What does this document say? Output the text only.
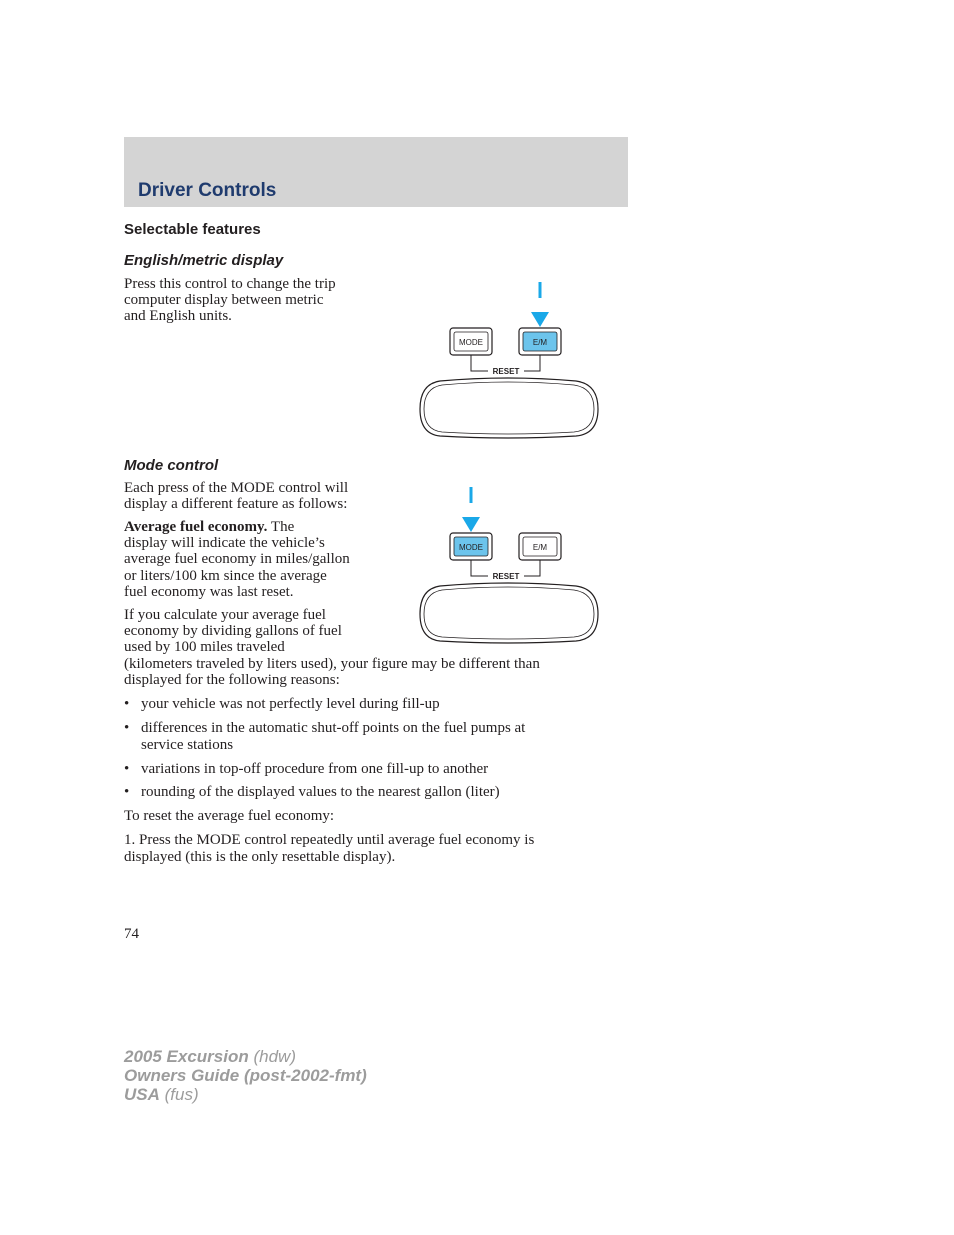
Driver Controls
Selectable features
English/metric display

Press this control to change the trip
computer display between metric
and English units.

MODE	E/M
RESET
Mode control

Each press of the MODE control will
display a different feature as follows:

Average fuel economy. The
display will indicate the vehicle’s
average fuel economy in miles/gallon
or liters/100 km since the average
fuel economy was last reset.

If you calculate your average fuel
economy by dividing gallons of fuel
used by 100 miles traveled
(kilometers traveled by liters used), your figure may be different than
displayed for the following reasons:

MODE	E/M
RESET
• your vehicle was not perfectly level during fill-up
• differences in the automatic shut-off points on the fuel pumps at
service stations
• variations in top-off procedure from one fill-up to another
• rounding of the displayed values to the nearest gallon (liter)

To reset the average fuel economy:

1. Press the MODE control repeatedly until average fuel economy is
displayed (this is the only resettable display).

74

2005 Excursion (hdw)
Owners Guide (post-2002-fmt)
USA (fus)
